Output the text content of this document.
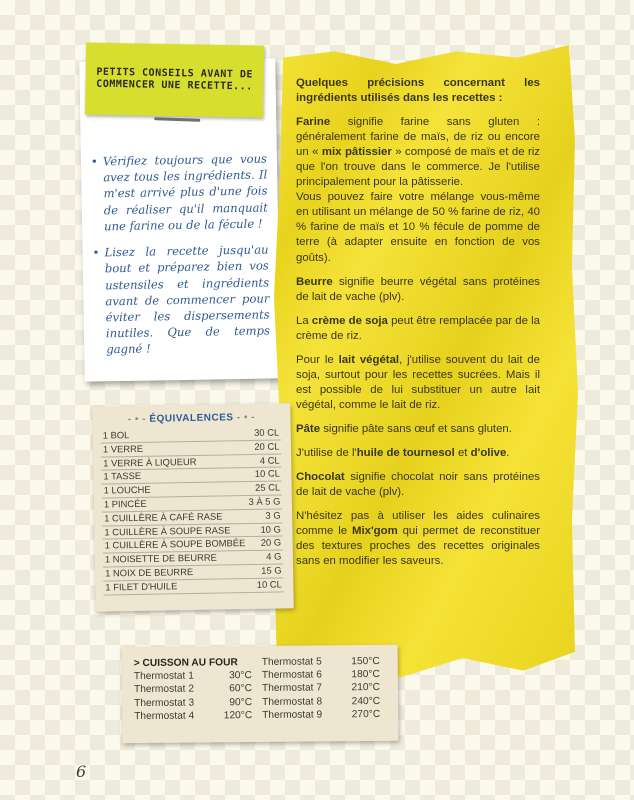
PETITS CONSEILS AVANT DE COMMENCER UNE RECETTE...
• Vérifiez toujours que vous avez tous les ingrédients. Il m'est arrivé plus d'une fois de réaliser qu'il manquait une farine ou de la fécule !
• Lisez la recette jusqu'au bout et préparez bien vos ustensiles et ingrédients avant de commencer pour éviter les dispersements inutiles. Que de temps gagné !

Quelques précisions concernant les ingrédients utilisés dans les recettes :

Farine signifie farine sans gluten : généralement farine de maïs, de riz ou encore un « mix pâtissier » composé de maïs et de riz que l'on trouve dans le commerce. Je l'utilise principalement pour la pâtisserie.
Vous pouvez faire votre mélange vous-même en utilisant un mélange de 50 % farine de riz, 40 % farine de maïs et 10 % fécule de pomme de terre (à adapter ensuite en fonction de vos goûts).

Beurre signifie beurre végétal sans protéines de lait de vache (plv).

La crème de soja peut être remplacée par de la crème de riz.

Pour le lait végétal, j'utilise souvent du lait de soja, surtout pour les recettes sucrées. Mais il est possible de lui substituer un autre lait végétal, comme le lait de riz.

Pâte signifie pâte sans œuf et sans gluten.

J'utilise de l'huile de tournesol et d'olive.

Chocolat signifie chocolat noir sans protéines de lait de vache (plv).

N'hésitez pas à utiliser les aides culinaires comme le Mix'gom qui permet de reconstituer des textures proches des recettes originales sans en modifier les saveurs.

- • - ÉQUIVALENCES - • -
1 BOL	30 CL
1 VERRE	20 CL
1 VERRE À LIQUEUR	4 CL
1 TASSE	10 CL
1 LOUCHE	25 CL
1 PINCÉE	3 À 5 G
1 CUILLÈRE À CAFÉ RASE	3 G
1 CUILLÈRE À SOUPE RASE	10 G
1 CUILLÈRE À SOUPE BOMBÉE	20 G
1 NOISETTE DE BEURRE	4 G
1 NOIX DE BEURRE	15 G
1 FILET D'HUILE	10 CL
> CUISSON AU FOUR
Thermostat 1	30°C
Thermostat 2	60°C
Thermostat 3	90°C
Thermostat 4	120°C
Thermostat 5	150°C
Thermostat 6	180°C
Thermostat 7	210°C
Thermostat 8	240°C
Thermostat 9	270°C
6
